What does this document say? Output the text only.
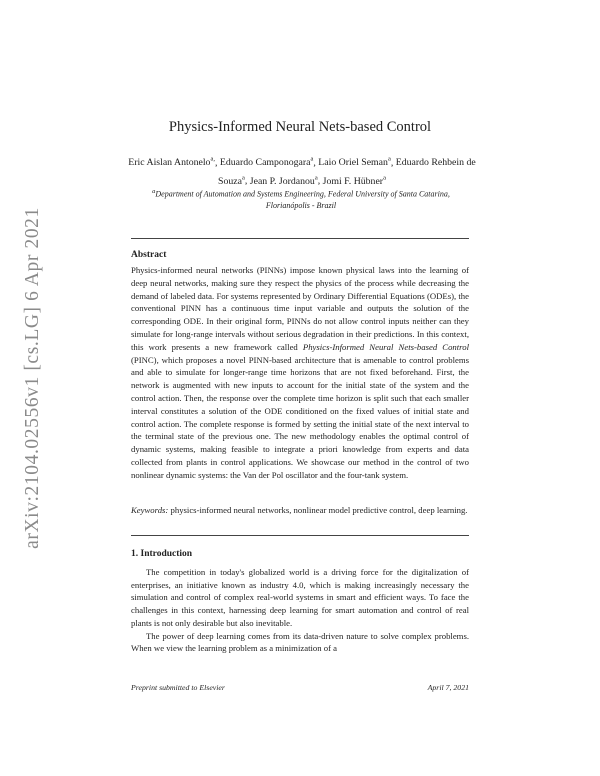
arXiv:2104.02556v1 [cs.LG] 6 Apr 2021
Physics-Informed Neural Nets-based Control
Eric Aislan Antonelo$^{a,}$, Eduardo Camponogara$^a$, Laio Oriel Seman$^a$, Eduardo Rehbein de Souza$^a$, Jean P. Jordanou$^a$, Jomi F. Hübner$^a$
$^a$Department of Automation and Systems Engineering, Federal University of Santa Catarina, Florianópolis - Brazil
Abstract
Physics-informed neural networks (PINNs) impose known physical laws into the learning of deep neural networks, making sure they respect the physics of the process while decreasing the demand of labeled data. For systems represented by Ordinary Differential Equations (ODEs), the conventional PINN has a continuous time input variable and outputs the solution of the corresponding ODE. In their original form, PINNs do not allow control inputs neither can they simulate for long-range intervals without serious degradation in their predictions. In this context, this work presents a new framework called Physics-Informed Neural Nets-based Control (PINC), which proposes a novel PINN-based architecture that is amenable to control problems and able to simulate for longer-range time horizons that are not fixed beforehand. First, the network is augmented with new inputs to account for the initial state of the system and the control action. Then, the response over the complete time horizon is split such that each smaller interval constitutes a solution of the ODE conditioned on the fixed values of initial state and control action. The complete response is formed by setting the initial state of the next interval to the terminal state of the previous one. The new methodology enables the optimal control of dynamic systems, making feasible to integrate a priori knowledge from experts and data collected from plants in control applications. We showcase our method in the control of two nonlinear dynamic systems: the Van der Pol oscillator and the four-tank system.
Keywords: physics-informed neural networks, nonlinear model predictive control, deep learning.
1. Introduction

The competition in today's globalized world is a driving force for the digitalization of enterprises, an initiative known as industry 4.0, which is making increasingly necessary the simulation and control of complex real-world systems in smart and efficient ways. To face the challenges in this context, harnessing deep learning for smart automation and control of real plants is not only desirable but also inevitable.

The power of deep learning comes from its data-driven nature to solve complex problems. When we view the learning problem as a minimization of a

Preprint submitted to Elsevier	April 7, 2021
